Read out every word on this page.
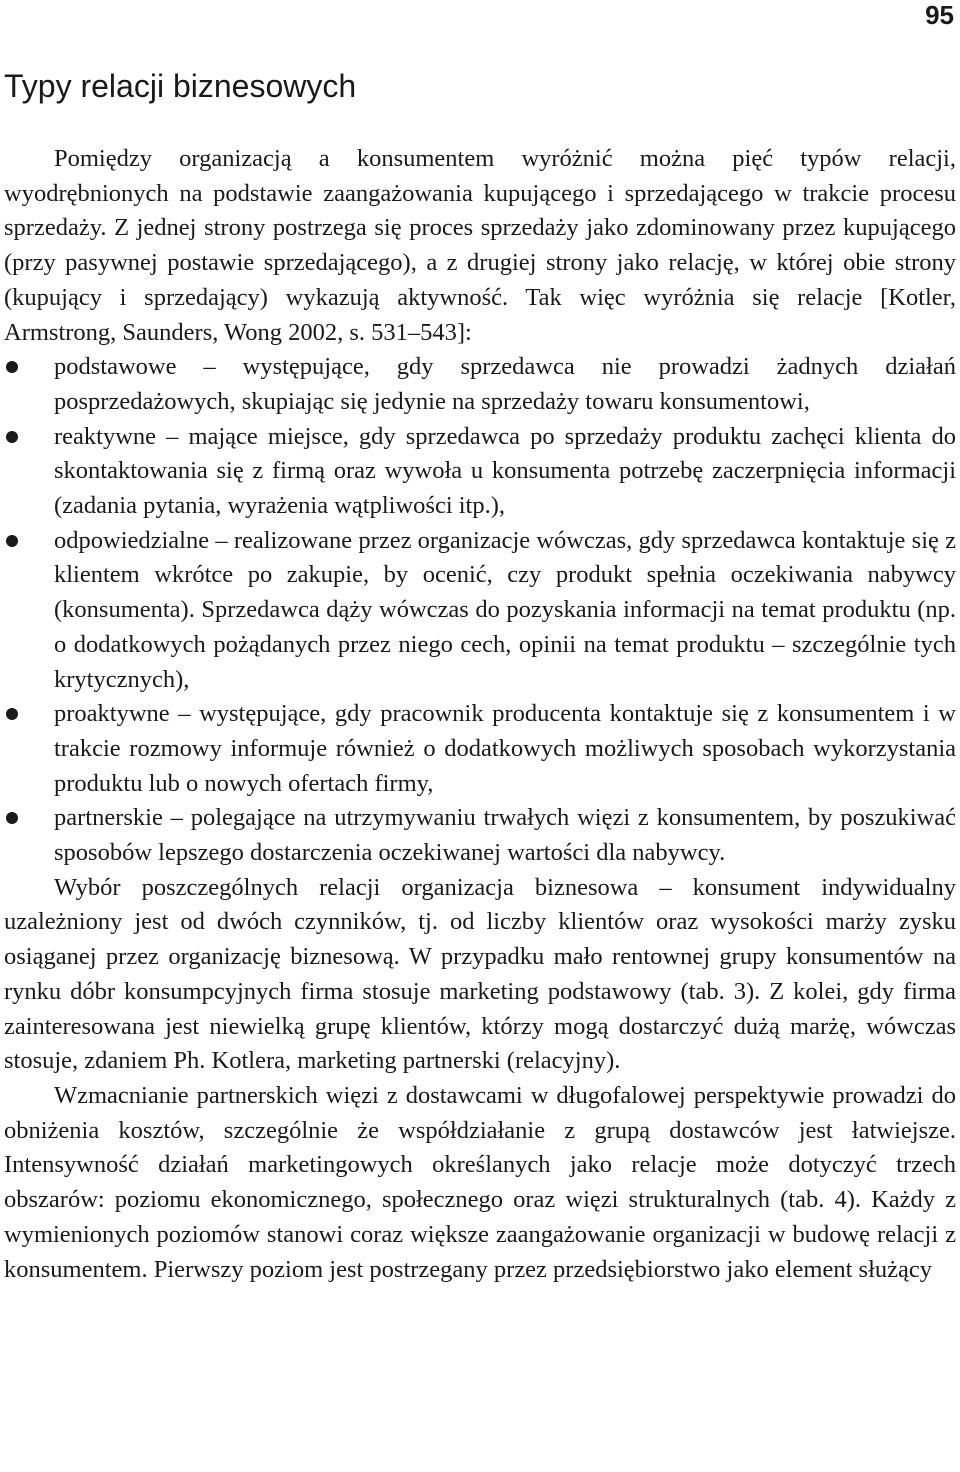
95
Typy relacji biznesowych

Pomiędzy organizacją a konsumentem wyróżnić można pięć typów relacji, wyodrębnionych na podstawie zaangażowania kupującego i sprzedającego w trakcie procesu sprzedaży. Z jednej strony postrzega się proces sprzedaży jako zdominowany przez kupującego (przy pasywnej postawie sprzedającego), a z drugiej strony jako relację, w której obie strony (kupujący i sprzedający) wykazują aktywność. Tak więc wyróżnia się relacje [Kotler, Armstrong, Saunders, Wong 2002, s. 531–543]:

podstawowe – występujące, gdy sprzedawca nie prowadzi żadnych działań posprzedażowych, skupiając się jedynie na sprzedaży towaru konsumentowi,
reaktywne – mające miejsce, gdy sprzedawca po sprzedaży produktu zachęci klienta do skontaktowania się z firmą oraz wywoła u konsumenta potrzebę zaczerpnięcia informacji (zadania pytania, wyrażenia wątpliwości itp.),
odpowiedzialne – realizowane przez organizacje wówczas, gdy sprzedawca kontaktuje się z klientem wkrótce po zakupie, by ocenić, czy produkt spełnia oczekiwania nabywcy (konsumenta). Sprzedawca dąży wówczas do pozyskania informacji na temat produktu (np. o dodatkowych pożądanych przez niego cech, opinii na temat produktu – szczególnie tych krytycznych),
proaktywne – występujące, gdy pracownik producenta kontaktuje się z konsumentem i w trakcie rozmowy informuje również o dodatkowych możliwych sposobach wykorzystania produktu lub o nowych ofertach firmy,
partnerskie – polegające na utrzymywaniu trwałych więzi z konsumentem, by poszukiwać sposobów lepszego dostarczenia oczekiwanej wartości dla nabywcy.

Wybór poszczególnych relacji organizacja biznesowa – konsument indywidualny uzależniony jest od dwóch czynników, tj. od liczby klientów oraz wysokości marży zysku osiąganej przez organizację biznesową. W przypadku mało rentownej grupy konsumentów na rynku dóbr konsumpcyjnych firma stosuje marketing podstawowy (tab. 3). Z kolei, gdy firma zainteresowana jest niewielką grupę klientów, którzy mogą dostarczyć dużą marżę, wówczas stosuje, zdaniem Ph. Kotlera, marketing partnerski (relacyjny).

Wzmacnianie partnerskich więzi z dostawcami w długofalowej perspektywie prowadzi do obniżenia kosztów, szczególnie że współdziałanie z grupą dostawców jest łatwiejsze. Intensywność działań marketingowych określanych jako relacje może dotyczyć trzech obszarów: poziomu ekonomicznego, społecznego oraz więzi strukturalnych (tab. 4). Każdy z wymienionych poziomów stanowi coraz większe zaangażowanie organizacji w budowę relacji z konsumentem. Pierwszy poziom jest postrzegany przez przedsiębiorstwo jako element służący
